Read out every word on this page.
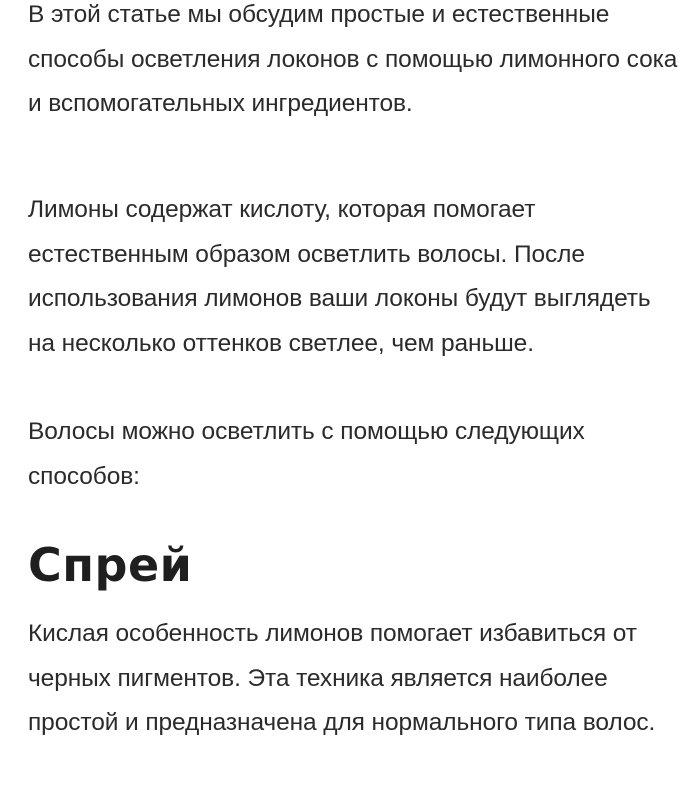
В этой статье мы обсудим простые и естественные способы осветления локонов с помощью лимонного сока и вспомогательных ингредиентов.

Лимоны содержат кислоту, которая помогает естественным образом осветлить волосы. После использования лимонов ваши локоны будут выглядеть на несколько оттенков светлее, чем раньше.

Волосы можно осветлить с помощью следующих способов:

Спрей

Кислая особенность лимонов помогает избавиться от черных пигментов. Эта техника является наиболее простой и предназначена для нормального типа волос.
